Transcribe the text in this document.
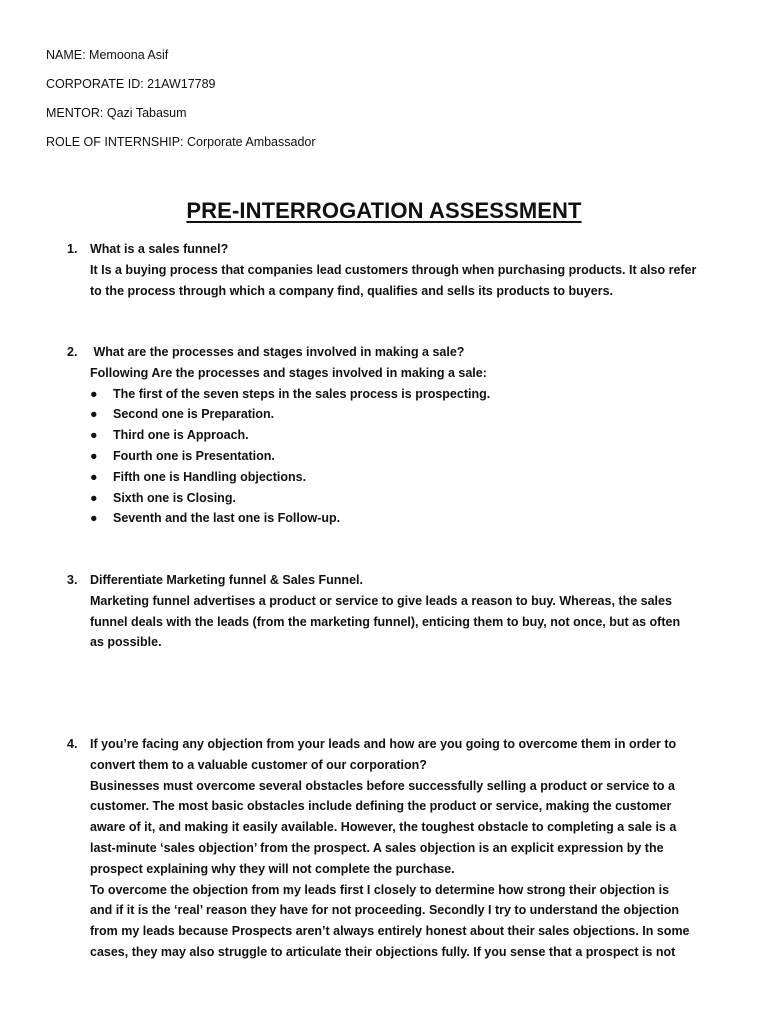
NAME: Memoona Asif
CORPORATE ID: 21AW17789
MENTOR: Qazi Tabasum
ROLE OF INTERNSHIP: Corporate Ambassador
PRE-INTERROGATION ASSESSMENT
1.	What is a sales funnel?

It Is a buying process that companies lead customers through when purchasing products. It also refer

to the process through which a company find, qualifies and sells its products to buyers.

2.	What are the processes and stages involved in making a sale?

Following Are the processes and stages involved in making a sale:

● The first of the seven steps in the sales process is prospecting.
● Second one is Preparation.
● Third one is Approach.
● Fourth one is Presentation.
● Fifth one is Handling objections.
● Sixth one is Closing.
● Seventh and the last one is Follow-up.
3.	Differentiate Marketing funnel & Sales Funnel.

Marketing funnel advertises a product or service to give leads a reason to buy. Whereas, the sales

funnel deals with the leads (from the marketing funnel), enticing them to buy, not once, but as often

as possible.

4.	If you’re facing any objection from your leads and how are you going to overcome them in order to

convert them to a valuable customer of our corporation?

Businesses must overcome several obstacles before successfully selling a product or service to a

customer. The most basic obstacles include defining the product or service, making the customer

aware of it, and making it easily available. However, the toughest obstacle to completing a sale is a

last-minute ‘sales objection’ from the prospect. A sales objection is an explicit expression by the

prospect explaining why they will not complete the purchase.

To overcome the objection from my leads first I closely to determine how strong their objection is

and if it is the ‘real’ reason they have for not proceeding. Secondly I try to understand the objection

from my leads because Prospects aren’t always entirely honest about their sales objections. In some

cases, they may also struggle to articulate their objections fully. If you sense that a prospect is not
